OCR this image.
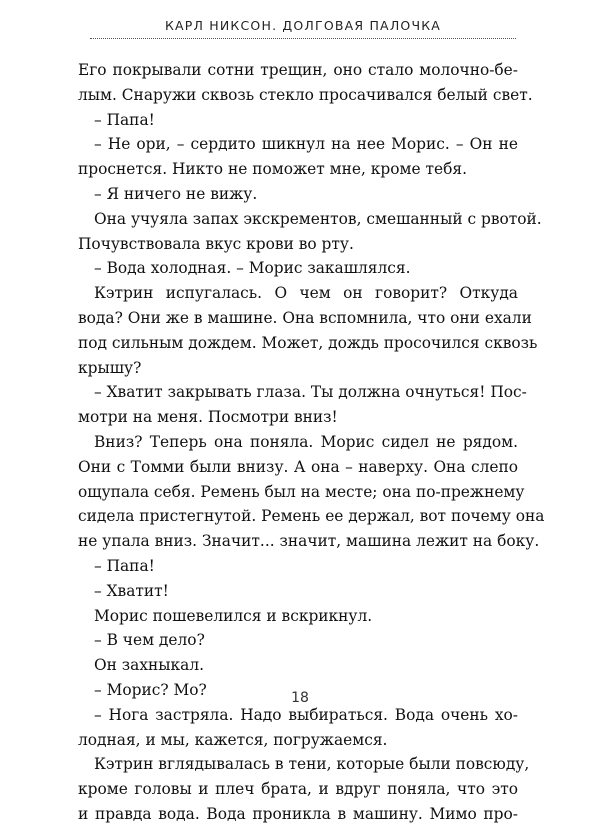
КАРЛ НИКСОН. ДОЛГОВАЯ ПАЛОЧКА
Его покрывали сотни трещин, оно стало молочно-бе-
лым. Снаружи сквозь стекло просачивался белый свет.
– Папа!
– Не ори, – сердито шикнул на нее Морис. – Он не
проснется. Никто не поможет мне, кроме тебя.
– Я ничего не вижу.
Она учуяла запах экскрементов, смешанный с рвотой.
Почувствовала вкус крови во рту.
– Вода холодная. – Морис закашлялся.
Кэтрин испугалась. О чем он говорит? Откуда
вода? Они же в машине. Она вспомнила, что они ехали
под сильным дождем. Может, дождь просочился сквозь
крышу?
– Хватит закрывать глаза. Ты должна очнуться! Пос-
мотри на меня. Посмотри вниз!
Вниз? Теперь она поняла. Морис сидел не рядом.
Они с Томми были внизу. А она – наверху. Она слепо
ощупала себя. Ремень был на месте; она по-прежнему
сидела пристегнутой. Ремень ее держал, вот почему она
не упала вниз. Значит... значит, машина лежит на боку.
– Папа!
– Хватит!
Морис пошевелился и вскрикнул.
– В чем дело?
Он захныкал.
– Морис? Мо?
– Нога застряла. Надо выбираться. Вода очень хо-
лодная, и мы, кажется, погружаемся.
Кэтрин вглядывалась в тени, которые были повсюду,
кроме головы и плеч брата, и вдруг поняла, что это
и правда вода. Вода проникла в машину. Мимо про-
18
